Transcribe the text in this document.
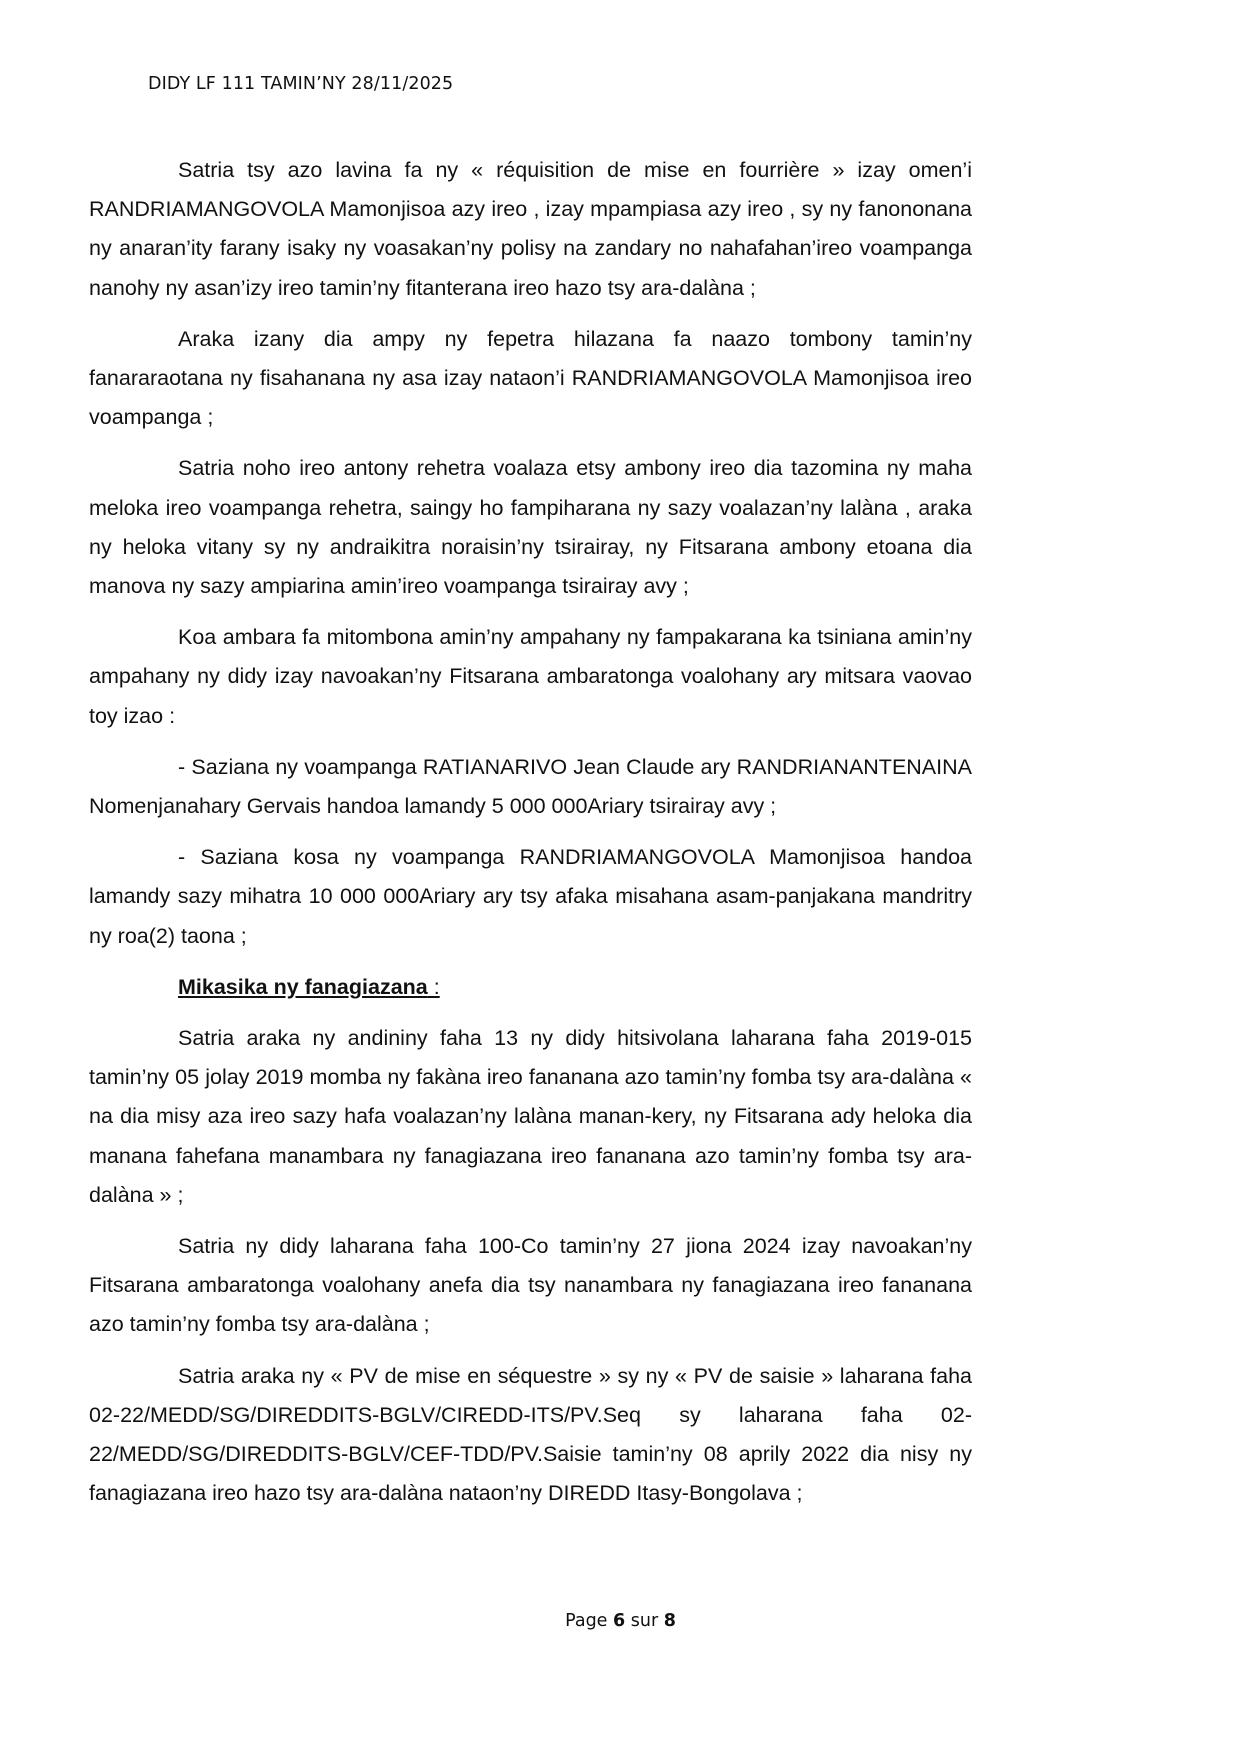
DIDY LF 111 TAMIN’NY 28/11/2025

Satria tsy azo lavina fa ny « réquisition de mise en fourrière » izay omen’i RANDRIAMANGOVOLA Mamonjisoa azy ireo , izay mpampiasa azy ireo , sy ny fanononana ny anaran’ity farany isaky ny voasakan’ny polisy na zandary no nahafahan’ireo voampanga nanohy ny asan’izy ireo tamin’ny fitanterana ireo hazo tsy ara-dalàna ;

Araka izany dia ampy ny fepetra hilazana fa naazo tombony tamin’ny fanararaotana ny fisahanana ny asa izay nataon’i RANDRIAMANGOVOLA Mamonjisoa ireo voampanga ;

Satria noho ireo antony rehetra voalaza etsy ambony ireo dia tazomina ny maha meloka ireo voampanga rehetra, saingy ho fampiharana ny sazy voalazan’ny lalàna , araka ny heloka vitany sy ny andraikitra noraisin’ny tsirairay, ny Fitsarana ambony etoana dia manova ny sazy ampiarina amin’ireo voampanga tsirairay avy ;

Koa ambara fa mitombona amin’ny ampahany ny fampakarana ka tsiniana amin’ny ampahany ny didy izay navoakan’ny Fitsarana ambaratonga voalohany ary mitsara vaovao toy izao :

- Saziana ny voampanga RATIANARIVO Jean Claude ary RANDRIANANTENAINA Nomenjanahary Gervais handoa lamandy 5 000 000Ariary tsirairay avy ;

- Saziana kosa ny voampanga RANDRIAMANGOVOLA Mamonjisoa handoa lamandy sazy mihatra 10 000 000Ariary ary tsy afaka misahana asam-panjakana mandritry ny roa(2) taona ;

Mikasika ny fanagiazana :

Satria araka ny andininy faha 13 ny didy hitsivolana laharana faha 2019-015 tamin’ny 05 jolay 2019 momba ny fakàna ireo fananana azo tamin’ny fomba tsy ara-dalàna « na dia misy aza ireo sazy hafa voalazan’ny lalàna manan-kery, ny Fitsarana ady heloka dia manana fahefana manambara ny fanagiazana ireo fananana azo tamin’ny fomba tsy ara-dalàna » ;

Satria ny didy laharana faha 100-Co tamin’ny 27 jiona 2024 izay navoakan’ny Fitsarana ambaratonga voalohany anefa dia tsy nanambara ny fanagiazana ireo fananana azo tamin’ny fomba tsy ara-dalàna ;

Satria araka ny « PV de mise en séquestre » sy ny « PV de saisie » laharana faha 02-22/MEDD/SG/DIREDDITS-BGLV/CIREDD-ITS/PV.Seq sy laharana faha 02-22/MEDD/SG/DIREDDITS-BGLV/CEF-TDD/PV.Saisie tamin’ny 08 aprily 2022 dia nisy ny fanagiazana ireo hazo tsy ara-dalàna nataon’ny DIREDD Itasy-Bongolava ;

Page 6 sur 8
